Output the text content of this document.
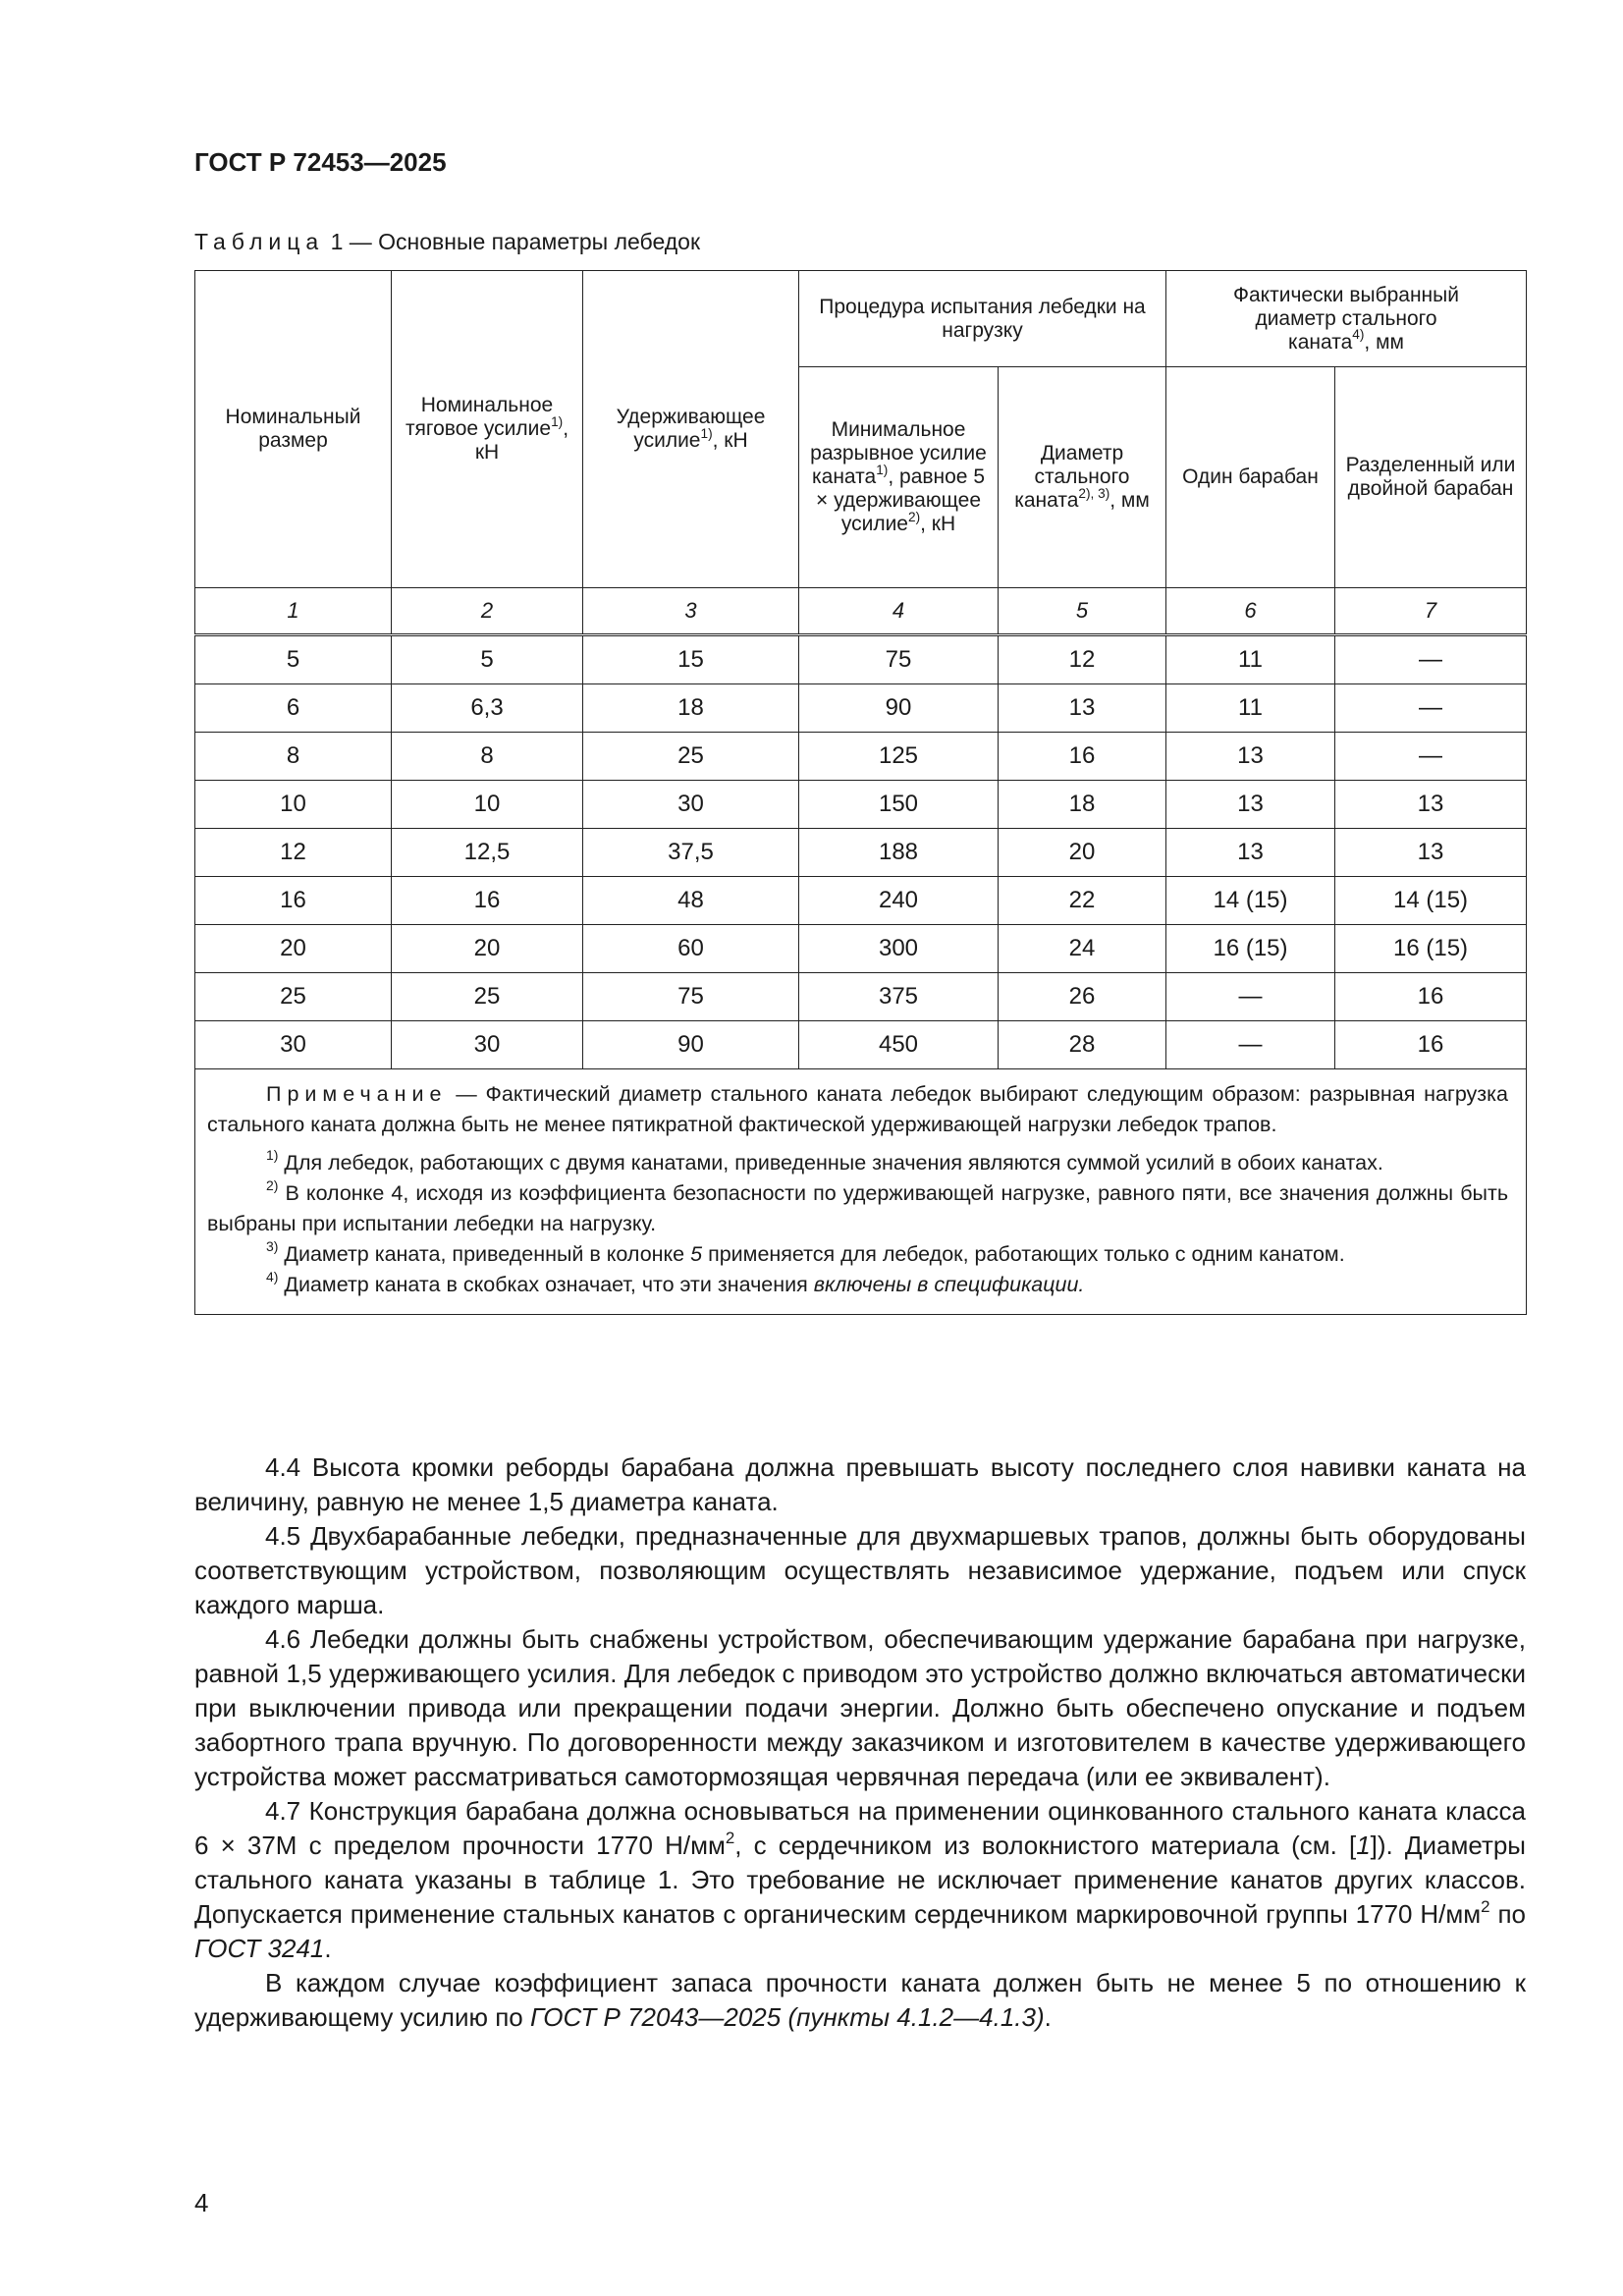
ГОСТ Р 72453—2025
Таблица 1 — Основные параметры лебедок
Номинальный размер	Номинальное тяговое усилие$^{1)}$, кН	Удерживающее усилие$^{1)}$, кН	Процедура испытания лебедки на нагрузку		Фактически выбранный
диаметр стального
каната$^{4)}$, мм	
			Минимальное разрывное усилие каната$^{1)}$, равное 5 × удерживающее усилие$^{2)}$, кН	Диаметр стального каната$^{2), 3)}$, мм	Один барабан	Разделенный или двойной барабан
1	2	3	4	5	6	7
5	5	15	75	12	11	—
6	6,3	18	90	13	11	—
8	8	25	125	16	13	—
10	10	30	150	18	13	13
12	12,5	37,5	188	20	13	13
16	16	48	240	22	14 (15)	14 (15)
20	20	60	300	24	16 (15)	16 (15)
25	25	75	375	26	—	16
30	30	90	450	28	—	16

Примечание — Фактический диаметр стального каната лебедок выбирают следующим образом: разрывная нагрузка стального каната должна быть не менее пятикратной фактической удерживающей нагрузки лебедок трапов.

$^{1)}$ Для лебедок, работающих с двумя канатами, приведенные значения являются суммой усилий в обоих канатах.

$^{2)}$ В колонке 4, исходя из коэффициента безопасности по удерживающей нагрузке, равного пяти, все значения должны быть выбраны при испытании лебедки на нагрузку.

$^{3)}$ Диаметр каната, приведенный в колонке 5 применяется для лебедок, работающих только с одним канатом.

$^{4)}$ Диаметр каната в скобках означает, что эти значения включены в спецификации.						

4.4 Высота кромки реборды барабана должна превышать высоту последнего слоя навивки каната на величину, равную не менее 1,5 диаметра каната.

4.5 Двухбарабанные лебедки, предназначенные для двухмаршевых трапов, должны быть оборудованы соответствующим устройством, позволяющим осуществлять независимое удержание, подъем или спуск каждого марша.

4.6 Лебедки должны быть снабжены устройством, обеспечивающим удержание барабана при нагрузке, равной 1,5 удерживающего усилия. Для лебедок с приводом это устройство должно включаться автоматически при выключении привода или прекращении подачи энергии. Должно быть обеспечено опускание и подъем забортного трапа вручную. По договоренности между заказчиком и изготовителем в качестве удерживающего устройства может рассматриваться самотормозящая червячная передача (или ее эквивалент).

4.7 Конструкция барабана должна основываться на применении оцинкованного стального каната класса 6 × 37М с пределом прочности 1770 $Н/мм^2$, с сердечником из волокнистого материала (см. [1]). Диаметры стального каната указаны в таблице 1. Это требование не исключает применение канатов других классов. Допускается применение стальных канатов с органическим сердечником маркировочной группы 1770 $Н/мм^2$ по ГОСТ 3241.

В каждом случае коэффициент запаса прочности каната должен быть не менее 5 по отношению к удерживающему усилию по ГОСТ Р 72043—2025 (пункты 4.1.2—4.1.3).

4
